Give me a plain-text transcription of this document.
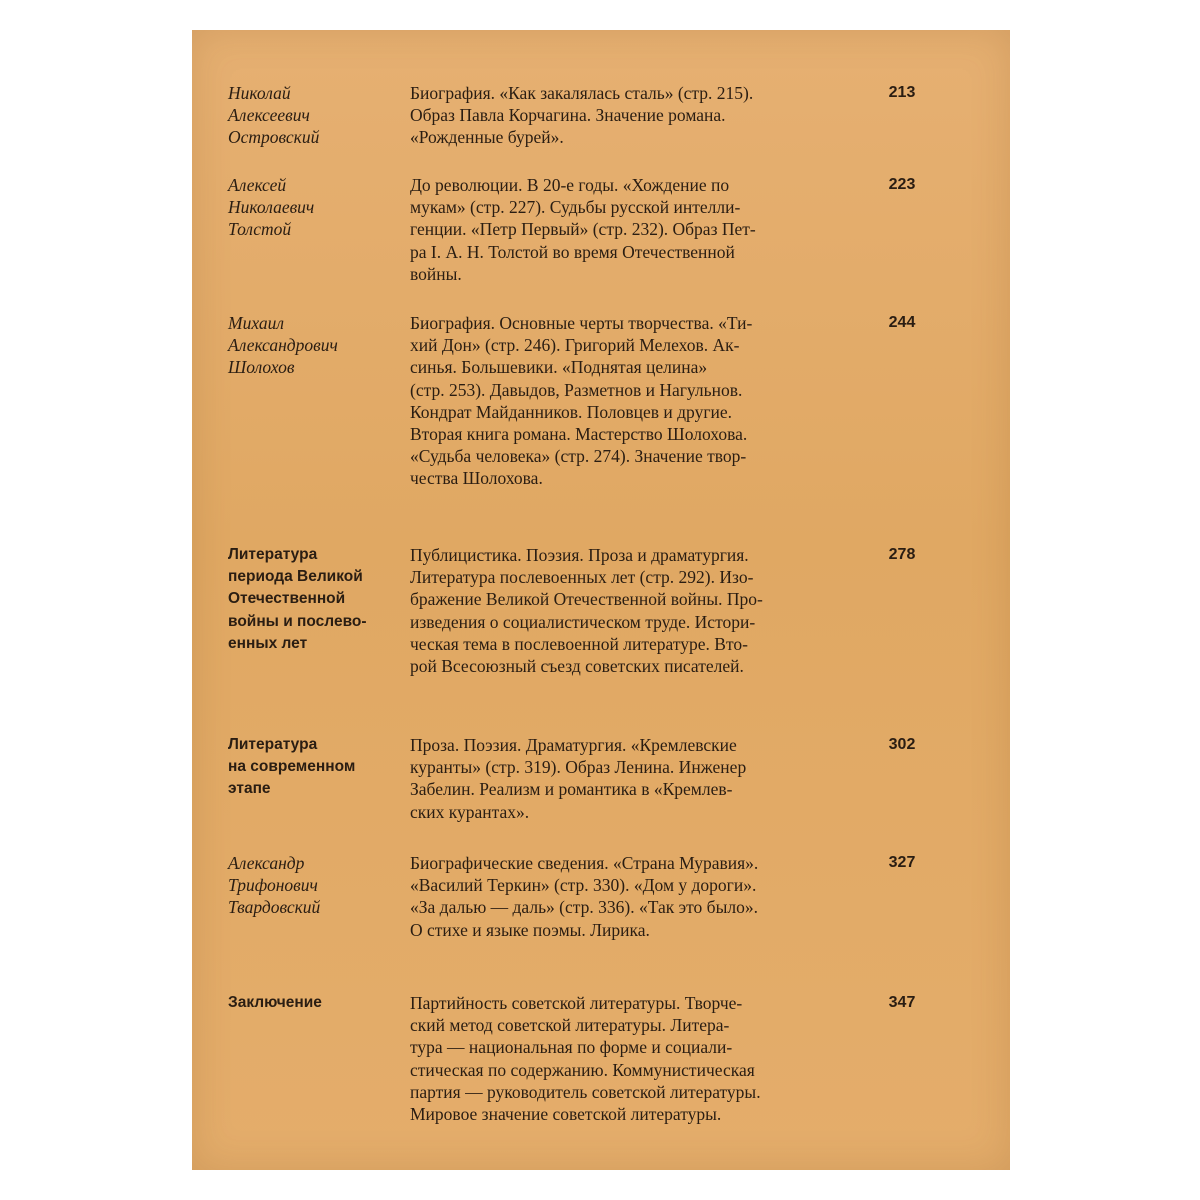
Николай
Алексеевич
Островский
Биография. «Как закалялась сталь» (стр. 215).
Образ Павла Корчагина. Значение романа.
«Рожденные бурей».
213
Алексей
Николаевич
Толстой
До революции. В 20-е годы. «Хождение по
мукам» (стр. 227). Судьбы русской интелли-
генции. «Петр Первый» (стр. 232). Образ Пет-
ра I. А. Н. Толстой во время Отечественной
войны.
223
Михаил
Александрович
Шолохов
Биография. Основные черты творчества. «Ти-
хий Дон» (стр. 246). Григорий Мелехов. Ак-
синья. Большевики. «Поднятая целина»
(стр. 253). Давыдов, Разметнов и Нагульнов.
Кондрат Майданников. Половцев и другие.
Вторая книга романа. Мастерство Шолохова.
«Судьба человека» (стр. 274). Значение твор-
чества Шолохова.
244
Литература
периода Великой
Отечественной
войны и послево-
енных лет
Публицистика. Поэзия. Проза и драматургия.
Литература послевоенных лет (стр. 292). Изо-
бражение Великой Отечественной войны. Про-
изведения о социалистическом труде. Истори-
ческая тема в послевоенной литературе. Вто-
рой Всесоюзный съезд советских писателей.
278
Литература
на современном
этапе
Проза. Поэзия. Драматургия. «Кремлевские
куранты» (стр. 319). Образ Ленина. Инженер
Забелин. Реализм и романтика в «Кремлев-
ских курантах».
302
Александр
Трифонович
Твардовский
Биографические сведения. «Страна Муравия».
«Василий Теркин» (стр. 330). «Дом у дороги».
«За далью — даль» (стр. 336). «Так это было».
О стихе и языке поэмы. Лирика.
327
Заключение	Партийность советской литературы. Творче-
ский метод советской литературы. Литера-
тура — национальная по форме и социали-
стическая по содержанию. Коммунистическая
партия — руководитель советской литературы.
Мировое значение советской литературы.
347
